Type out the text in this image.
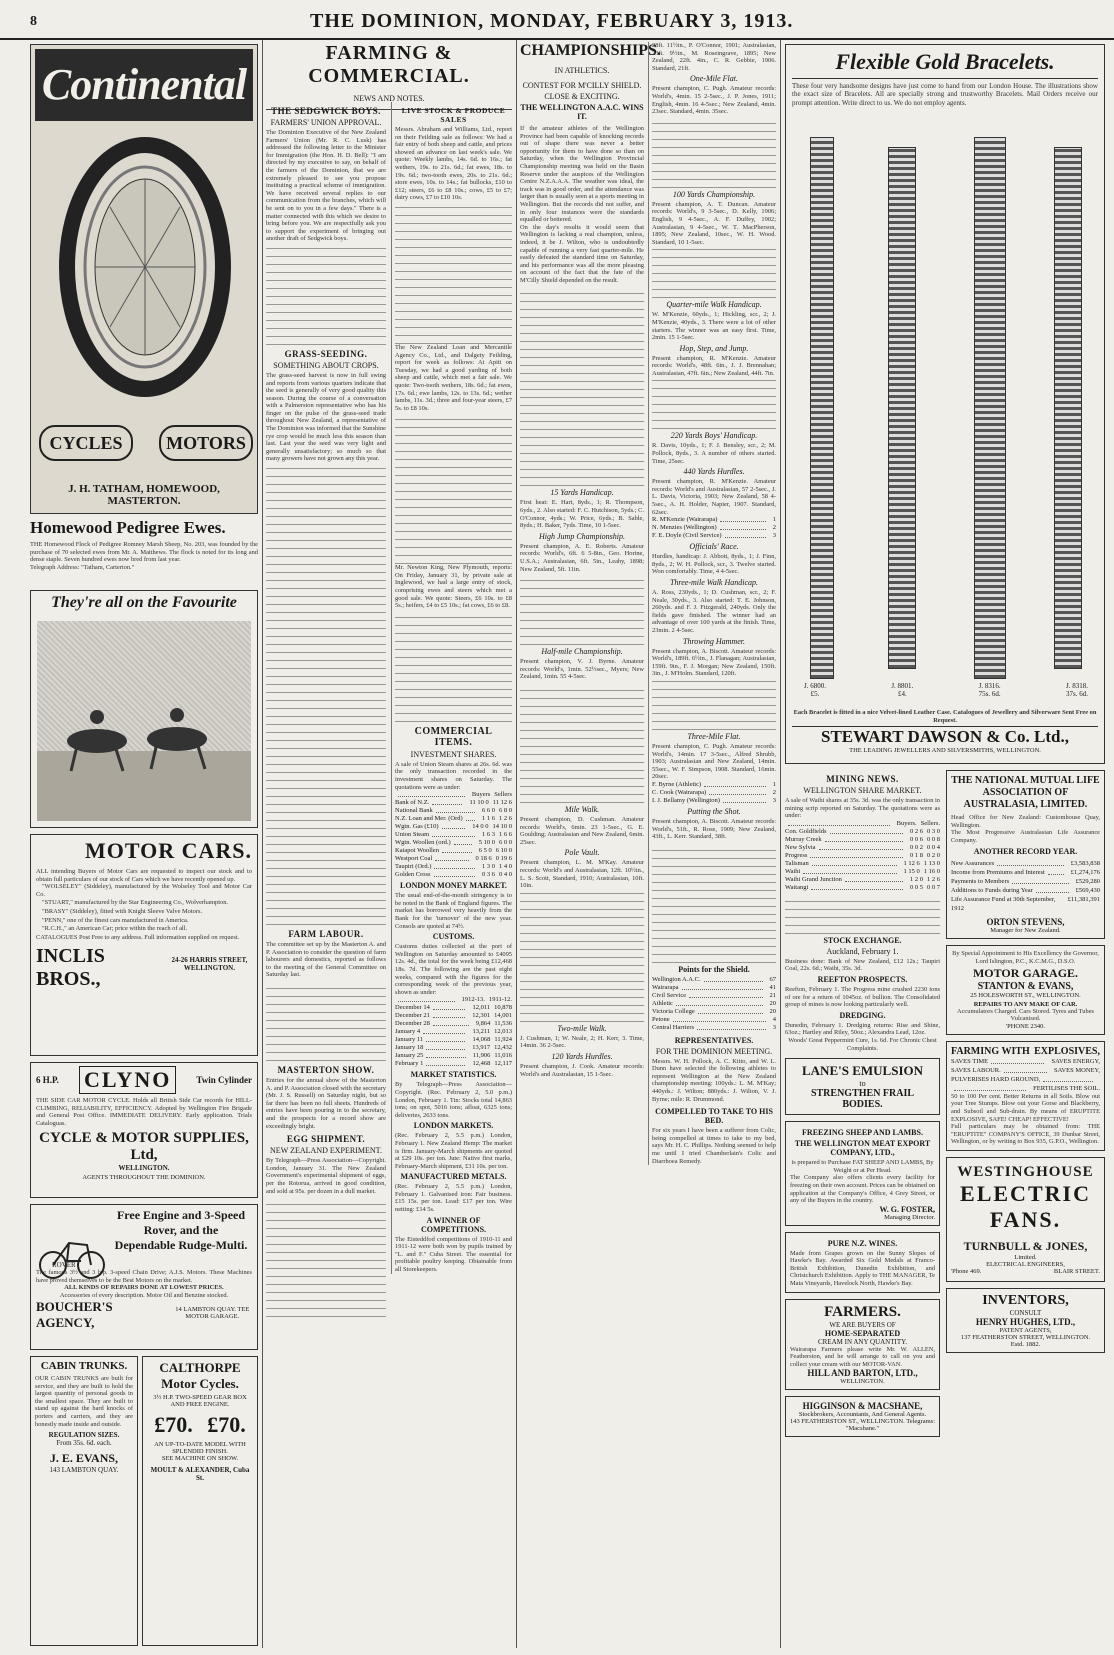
8	THE DOMINION, MONDAY, FEBRUARY 3, 1913.
Continental
CYCLES	MOTORS
J. H. TATHAM, HOMEWOOD, MASTERTON.
Homewood Pedigree Ewes.
THE Homewood Flock of Pedigree Romney Marsh Sheep, No. 203, was founded by the purchase of 70 selected ewes from Mr. A. Matthews. The flock is noted for its long and dense staple. Seven hundred ewes now bred from last year.
Telegraph Address: "Tatham, Carterton."
They're all on the Favourite
MOTOR CARS.
ALL intending Buyers of Motor Cars are requested to inspect our stock and to obtain full particulars of our stock of Cars which we have recently opened up.

"WOLSELEY" (Siddeley), manufactured by the Wolseley Tool and Motor Car Co.

"STUART," manufactured by the Star Engineering Co., Wolverhampton.

"BRASY" (Siddeley), fitted with Knight Sleeve Valve Motors.

"PENN," one of the finest cars manufactured in America.

"R.C.H.," an American Car; price within the reach of all.

CATALOGUES Post Free to any address. Full information supplied on request.
INCLIS BROS.,
24-26 HARRIS STREET, WELLINGTON.
6 H.P. CLYNO	Twin Cylinder
THE SIDE CAR MOTOR CYCLE. Holds all British Side Car records for HILL-CLIMBING, RELIABILITY, EFFICIENCY. Adopted by Wellington Fire Brigade and General Post Office. IMMEDIATE DELIVERY. Early application. Trials Cataloguas.
CYCLE & MOTOR SUPPLIES, Ltd,
WELLINGTON.
AGENTS THROUGHOUT THE DOMINION.
Free Engine and 3-Speed
Rover, and the
Dependable Rudge-Multi.
ROVER
The famous 3½ and 3 h.p. 3-speed Chain Drive; A.J.S. Motors. These Machines have proved themselves to be the Best Motors on the market.
ALL KINDS OF REPAIRS DONE AT LOWEST PRICES.
Accessories of every description. Motor Oil and Benzine stocked.
BOUCHER'S AGENCY,
14 LAMBTON QUAY. TEE MOTOR GARAGE.
CABIN TRUNKS.
OUR CABIN TRUNKS are built for service, and they are built to hold the largest quantity of personal goods in the smallest space. They are built to stand up against the hard knocks of porters and carriers, and they are honestly made inside and outside.
REGULATION SIZES.
From 35s. 6d. each.
J. E. EVANS,
143 LAMBTON QUAY.
CALTHORPE
Motor Cycles.
3½ H.P. TWO-SPEED GEAR BOX AND FREE ENGINE.
£70. £70.
AN UP-TO-DATE MODEL WITH SPLENDID FINISH.
SEE MACHINE ON SHOW.
MOULT & ALEXANDER, Cuba St.
FARMING & COMMERCIAL.
NEWS AND NOTES.
THE SEDGWICK BOYS.
FARMERS' UNION APPROVAL.
The Dominion Executive of the New Zealand Farmers' Union (Mr. R. C. Lusk) has addressed the following letter to the Minister for Immigration (the Hon. H. D. Bell): "I am directed by my executive to say, on behalf of the farmers of the Dominion, that we are extremely pleased to see you propose instituting a practical scheme of immigration. We have received several replies to our communication from the branches, which will be sent on to you in a few days." There is a matter connected with this which we desire to bring before you. We are respectfully ask you to support the experiment of bringing out another draft of Sedgwick boys.
GRASS-SEEDING.
SOMETHING ABOUT CROPS.
The grass-seed harvest is now in full swing and reports from various quarters indicate that the seed is generally of very good quality this season. During the course of a conversation with a Palmerston representative who has his finger on the pulse of the grass-seed trade throughout New Zealand, a representative of The Dominion was informed that the Sunshine rye crop would be much less this season than last. Last year the seed was very light and generally unsatisfactory; so much so that many growers have not grown any this year.
FARM LABOUR.
The committee set up by the Masterton A. and P. Association to consider the question of farm labourers and domestics, reported as follows to the meeting of the General Committee on Saturday last.
MASTERTON SHOW.
Entries for the annual show of the Masterton A. and P. Association closed with the secretary (Mr. J. S. Russell) on Saturday night, but so far there has been no full sheets. Hundreds of entries have been pouring in to the secretary, and the prospects for a record show are exceedingly bright.
EGG SHIPMENT.
NEW ZEALAND EXPERIMENT.
By Telegraph—Press Association—Copyright. London, January 31. The New Zealand Government's experimental shipment of eggs, per the Rotorua, arrived in good condition, and sold at 95s. per dozen in a dull market.
LIVE STOCK & PRODUCE SALES
Messrs. Abraham and Williams, Ltd., report on their Feilding sale as follows: We had a fair entry of both sheep and cattle, and prices showed an advance on last week's sale. We quote: Weekly lambs, 14s. 6d. to 16s.; fat wethers, 19s. to 21s. 6d.; fat ewes, 18s. to 19s. 6d.; two-tooth ewes, 20s. to 21s. 6d.; store ewes, 10s. to 14s.; fat bullocks, £10 to £12; steers, £6 to £8 10s.; cows, £5 to £7; dairy cows, £7 to £10 10s.
The New Zealand Loan and Mercantile Agency Co., Ltd., and Dalgety Feilding, report for week as follows: At Apiti on Tuesday, we had a good yarding of both sheep and cattle, which met a fair sale. We quote: Two-tooth wethers, 18s. 6d.; fat ewes, 17s. 6d.; ewe lambs, 12s. to 13s. 6d.; wether lambs, 11s. 3d.; three and four-year steers, £7 5s. to £8 10s.
Mr. Newton King, New Plymouth, reports: On Friday, January 31, by private sale at Inglewood, we had a large entry of stock, comprising ewes and steers which met a good sale. We quote: Steers, £6 10s. to £8 5s.; heifers, £4 to £5 10s.; fat cows, £6 to £8.
COMMERCIAL ITEMS.
INVESTMENT SHARES.
A sale of Union Steam shares at 26s. 6d. was the only transaction recorded in the investment shares on Saturday. The quotations were as under:
Buyers Sellers
Bank of N.Z.	11 10 0 11 12 6
National Bank	6 6 0 6 8 0
N.Z. Loan and Mer. (Ord)	1 1 6 1 2 6
Wgtn. Gas (£10)	14 0 0 14 10 0
Union Steam	1 6 3 1 6 6
Wgtn. Woollen (ord.)	5 10 0 6 0 0
Kaiapoi Woollen	6 5 0 6 10 0
Westport Coal	0 18 6 0 19 6
Taupiri (Ord.)	1 3 0 1 4 0
Golden Cross	0 3 6 0 4 0
LONDON MONEY MARKET.
The usual end-of-the-month stringency is to be noted in the Bank of England figures. The market has borrowed very heavily from the Bank for the 'turnover' of the new year. Consols are quoted at 74½.
CUSTOMS.
Customs duties collected at the port of Wellington on Saturday amounted to £4095 12s. 4d., the total for the week being £12,468 18s. 7d. The following are the past eight weeks, compared with the figures for the corresponding week of the previous year, shown as under:
1912-13. 1911-12.
December 14	12,011 10,878
December 21	12,301 14,001
December 28	9,864 11,536
January 4	13,211 12,013
January 11	14,068 11,924
January 18	13,917 12,432
January 25	11,906 11,016
February 1	12,468 12,117
MARKET STATISTICS.
By Telegraph—Press Association—Copyright. (Rec. February 2, 5.0 p.m.) London, February 1. Tin: Stocks total 14,863 tons; on spot, 5016 tons; afloat, 6325 tons; deliveries, 2633 tons.
LONDON MARKETS.
(Rec. February 2, 5.5 p.m.) London, February 1. New Zealand Hemp: The market is firm. January-March shipments are quoted at £29 10s. per ton. Jute: Native first marks, February-March shipment, £31 10s. per ton.
MANUFACTURED METALS.
(Rec. February 2, 5.5 p.m.) London, February 1. Galvanised iron: Fair business. £15 15s. per ton. Lead: £17 per ton. Wire netting: £14 5s.
A WINNER OF COMPETITIONS.
The Eisteddfod competitions of 1910-11 and 1911-12 were both won by pupils trained by "L. and F." Cuba Street. The essential for profitable poultry keeping. Obtainable from all Storekeepers.
CHAMPIONSHIPS.
IN ATHLETICS.
CONTEST FOR M'CILLY SHIELD.
CLOSE & EXCITING.
THE WELLINGTON A.A.C. WINS IT.
If the amateur athletes of the Wellington Province had been capable of knocking records out of shape there was never a better opportunity for them to have done so than on Saturday, when the Wellington Provincial Championship meeting was held on the Basin Reserve under the auspices of the Wellington Centre N.Z.A.A.A. The weather was ideal, the track was in good order, and the attendance was larger than is usually seen at a sports meeting in Wellington. But the records did not suffer, and in only four instances were the standards equalled or bettered.
On the day's results it would seem that Wellington is lacking a real champion, unless, indeed, it be J. Wilton, who is undoubtedly capable of running a very fast quarter-mile. He easily defeated the standard time on Saturday, and his performance was all the more pleasing on account of the fact that the fate of the M'Cilly Shield depended on the result.
15 Yards Handicap.
First heat: E. Hart, 8yds., 1; R. Thompson, 6yds., 2. Also started: F. C. Hutchison, 5yds.; C. O'Connor, 4yds.; W. Price, 6yds.; B. Sable, 8yds.; H. Baker, 7yds. Time, 10 1-5sec.
High Jump Championship.
Present champion, A. E. Roberts. Amateur records: World's, 6ft. 6 5-8in., Geo. Horine, U.S.A.; Australasian, 6ft. 5in., Leahy, 1898; New Zealand, 5ft. 11in.
Half-mile Championship.
Present champion, V. J. Byrne. Amateur records: World's, 1min. 52½sec., Myers; New Zealand, 1min. 55 4-5sec.
Mile Walk.
Present champion, D. Cushman. Amateur records: World's, 6min. 23 1-5sec., G. E. Goulding; Australasian and New Zealand, 6min. 25sec.
Pole Vault.
Present champion, L. M. M'Kay. Amateur records: World's and Australasian, 12ft. 10½in., L. S. Scott, Standard, 1910; Australasian, 10ft. 10in.
Two-mile Walk.
J. Cushman, 1; W. Neale, 2; H. Kerr, 3. Time, 14min. 36 2-5sec.
120 Yards Hurdles.
Present champion, J. Cook. Amateur records: World's and Australasian, 15 1-5sec.
28ft. 11½in., P. O'Connor, 1901; Australasian, 23ft. 9½in., M. Roseingrave, 1895; New Zealand, 22ft. 4in., C. R. Gebbie, 1906. Standard, 21ft.
One-Mile Flat.
Present champion, C. Pugh. Amateur records: World's, 4min. 15 2-5sec., J. P. Jones, 1911; English, 4min. 16 4-5sec.; New Zealand, 4min. 23sec. Standard, 4min. 35sec.
100 Yards Championship.
Present champion, A. T. Duncan. Amateur records: World's, 9 3-5sec., D. Kelly, 1906; English, 9 4-5sec., A. F. Duffey, 1902; Australasian, 9 4-5sec., W. T. MacPherson, 1895; New Zealand, 10sec., W. H. Wood. Standard, 10 1-5sec.
Quarter-mile Walk Handicap.
W. M'Kenzie, 60yds., 1; Hickling, scr., 2; J. M'Kenzie, 40yds., 3. There were a lot of other starters. The winner was an easy first. Time, 2min. 15 1-5sec.
Hop, Step, and Jump.
Present champion, R. M'Kenzie. Amateur records: World's, 48ft. 6in., J. J. Brennahan; Australasian, 47ft. 6in.; New Zealand, 44ft. 7in.
220 Yards Boys' Handicap.
R. Davis, 10yds., 1; F. J. Bensley, scr., 2; M. Pollock, 8yds., 3. A number of others started. Time, 25sec.
440 Yards Hurdles.
Present champion, R. M'Kenzie. Amateur records: World's and Australasian, 57 2-5sec., J. L. Davis, Victoria, 1903; New Zealand, 58 4-5sec., A. H. Holder, Napier, 1907. Standard, 62sec.
R. M'Kenzie (Wairarapa)	1
N. Menzies (Wellington)	2
F. E. Doyle (Civil Service)	3
Officials' Race.
Hurdles, handicap: J. Abbott, 8yds., 1; J. Finn, 8yds., 2; W. H. Pollock, scr., 3. Twelve started. Won comfortably. Time, 4 4-5sec.
Three-mile Walk Handicap.
A. Ross, 230yds., 1; D. Cushman, scr., 2; F. Neale, 30yds., 3. Also started: T. E. Johnson, 260yds. and F. J. Fitzgerald, 240yds. Only the fields gave finished. The winner had an advantage of over 100 yards at the finish. Time, 23min. 2 4-5sec.
Throwing Hammer.
Present champion, A. Biscott. Amateur records: World's, 189ft. 6½in., J. Flanagan; Australasian, 159ft. 9in., F. J. Morgan; New Zealand, 150ft. 3in., J. M'Holm. Standard, 120ft.
Three-Mile Flat.
Present champion, C. Pugh. Amateur records: World's, 14min. 17 3-5sec., Alfred Shrubb, 1903; Australasian and New Zealand, 14min. 55sec., W. F. Simpson, 1908. Standard, 16min. 20sec.
F. Byrne (Athletic)	1
C. Cook (Wairarapa)	2
I. J. Bellamy (Wellington)	3
Putting the Shot.
Present champion, A. Biscott. Amateur records: World's, 51ft., R. Rose, 1909; New Zealand, 43ft., L. Kerr. Standard, 38ft.
Points for the Shield.
Wellington A.A.C.	67
Wairarapa	41
Civil Service	21
Athletic	20
Victoria College	20
Petone	4
Central Harriers	3
REPRESENTATIVES.
FOR THE DOMINION MEETING.
Messrs. W. H. Pollock, A. C. Kitto, and W. L. Dunn have selected the following athletes to represent Wellington at the New Zealand championship meeting: 100yds.: L. M. M'Kay; 440yds.: J. Wilton; 880yds.: J. Wilton, V. J. Byrne; mile: R. Drummond.
COMPELLED TO TAKE TO HIS BED.
For six years I have been a sufferer from Colic, being compelled at times to take to my bed, says Mr. H. C. Phillips. Nothing seemed to help me until I tried Chamberlain's Colic and Diarrhoea Remedy.
Flexible Gold Bracelets.
These four very handsome designs have just come to hand from our London House. The illustrations show the exact size of Bracelets. All are specially strong and trustworthy Bracelets. Mail Orders receive our prompt attention. Write direct to us. We do not employ agents.
J. 6800.
£5.
J. 8801.
£4.
J. 8316.
75s. 6d.
J. 8318.
37s. 6d.
Each Bracelet is fitted in a nice Velvet-lined Leather Case. Catalogues of Jewellery and Silverware Sent Free on Request.
STEWART DAWSON & Co. Ltd.,
THE LEADING JEWELLERS AND SILVERSMITHS, WELLINGTON.
MINING NEWS.
WELLINGTON SHARE MARKET.
A sale of Waihi shares at 35s. 3d. was the only transaction in mining scrip reported on Saturday. The quotations were as under:
Buyers. Sellers.
Con. Goldfields	0 2 6 0 3 0
Murray Creek	0 0 6 0 0 8
New Sylvia	0 0 2 0 0 4
Progress	0 1 8 0 2 0
Talisman	1 12 6 1 13 0
Waihi	1 15 0 1 16 0
Waihi Grand Junction	1 2 0 1 2 6
Waitangi	0 0 5 0 0 7
STOCK EXCHANGE.
Auckland, February 1.
Business done: Bank of New Zealand, £12 12s.; Taupiri Coal, 22s. 6d.; Waihi, 35s. 3d.
REEFTON PROSPECTS.
Reefton, February 1. The Progress mine crushed 2230 tons of ore for a return of 1045oz. of bullion. The Consolidated group of mines is now looking particularly well.
DREDGING.
Dunedin, February 1. Dredging returns: Rise and Shine, 63oz.; Hartley and Riley, 50oz.; Alexandra Lead, 12oz.
Woods' Great Peppermint Cure, 1s. 6d. For Chronic Chest Complaints.
LANE'S EMULSION
to
STRENGTHEN FRAIL BODIES.
FREEZING SHEEP AND LAMBS.
THE WELLINGTON MEAT EXPORT COMPANY, LTD.,
is prepared to Purchase FAT SHEEP AND LAMBS, By Weight or at Per Head.
The Company also offers clients every facility for freezing on their own account. Prices can be obtained on application at the Company's Office, 4 Grey Street, or any of the Buyers in the country.
W. G. FOSTER,
Managing Director.
PURE N.Z. WINES.
Made from Grapes grown on the Sunny Slopes of Hawke's Bay. Awarded Six Gold Medals at Franco-British Exhibition, Dunedin Exhibition, and Christchurch Exhibition. Apply to THE MANAGER, Te Mata Vineyards, Havelock North, Hawke's Bay.
FARMERS.
WE ARE BUYERS OF
HOME-SEPARATED
CREAM IN ANY QUANTITY.
Wairarapa Farmers please write Mr. W. ALLEN, Featherston, and he will arrange to call on you and collect your cream with our MOTOR-VAN.
HILL AND BARTON, LTD.,
WELLINGTON.
HIGGINSON & MACSHANE,
Stockbrokers, Accountants, And General Agents.
143 FEATHERSTON ST., WELLINGTON. Telegrams: "Macshane."
THE NATIONAL MUTUAL LIFE ASSOCIATION OF AUSTRALASIA, LIMITED.
Head Office for New Zealand: Customhouse Quay, Wellington.
The Most Progressive Australasian Life Assurance Company.
ANOTHER RECORD YEAR.
New Assurances	£3,583,838
Income from Premiums and Interest	£1,274,176
Payments to Members	£529,280
Additions to Funds during Year	£569,430
Life Assurance Fund at 30th September, 1912
£11,381,391
ORTON STEVENS,
Manager for New Zealand.
By Special Appointment to His Excellency the Governor, Lord Islington, P.C., K.C.M.G., D.S.O.
MOTOR GARAGE.
STANTON & EVANS,
25 HOLESWORTH ST., WELLINGTON.
REPAIRS TO ANY MAKE OF CAR.
Accumulators Charged. Cars Stored. Tyres and Tubes Vulcanised.
'PHONE 2340.
FARMING WITH EXPLOSIVES,
SAVES TIME	SAVES ENERGY,
SAVES LABOUR.	SAVES MONEY,
PULVERISES HARD GROUND,
FERTILISES THE SOIL.
50 to 100 Per cent. Better Returns in all Soils. Blow out your Tree Stumps. Blow out your Gorse and Blackberry, and Subsoil and Sub-drain. By means of ERUPTITE EXPLOSIVE, SAFE! CHEAP! EFFECTIVE!
Full particulars may be obtained from: THE "ERUPTITE" COMPANY'S OFFICE, 39 Dunbar Street, Wellington, or by writing to Box 935, G.P.O., Wellington.
WESTINGHOUSE
ELECTRIC
FANS.
TURNBULL & JONES,
Limited.
ELECTRICAL ENGINEERS,
'Phone 469.	BLAIR STREET.
INVENTORS,
CONSULT
HENRY HUGHES, LTD.,
PATENT AGENTS,
137 FEATHERSTON STREET, WELLINGTON.
Estd. 1882.
